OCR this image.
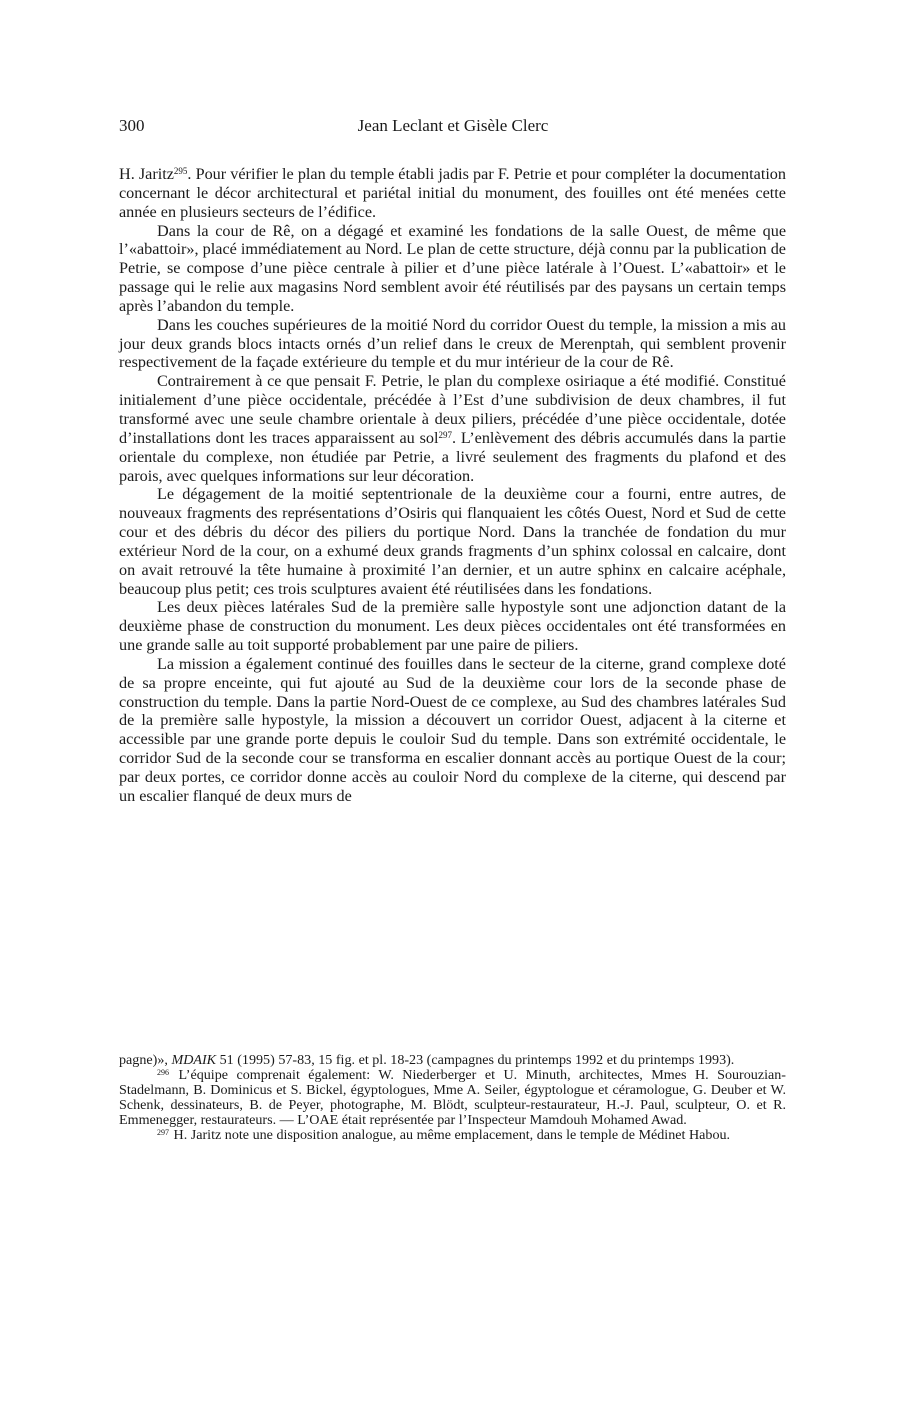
300	Jean Leclant et Gisèle Clerc

H. Jaritz$^{295}$. Pour vérifier le plan du temple établi jadis par F. Petrie et pour compléter la documentation concernant le décor architectural et pariétal initial du monument, des fouilles ont été menées cette année en plusieurs secteurs de l’édifice.

Dans la cour de Rê, on a dégagé et examiné les fondations de la salle Ouest, de même que l’«abattoir», placé immédiatement au Nord. Le plan de cette structure, déjà connu par la publication de Petrie, se compose d’une pièce centrale à pilier et d’une pièce latérale à l’Ouest. L’«abattoir» et le passage qui le relie aux magasins Nord semblent avoir été réutilisés par des paysans un certain temps après l’abandon du temple.

Dans les couches supérieures de la moitié Nord du corridor Ouest du temple, la mission a mis au jour deux grands blocs intacts ornés d’un relief dans le creux de Merenptah, qui semblent provenir respectivement de la façade extérieure du temple et du mur intérieur de la cour de Rê.

Contrairement à ce que pensait F. Petrie, le plan du complexe osiriaque a été modifié. Constitué initialement d’une pièce occidentale, précédée à l’Est d’une subdivision de deux chambres, il fut transformé avec une seule chambre orientale à deux piliers, précédée d’une pièce occidentale, dotée d’installations dont les traces apparaissent au sol$^{297}$. L’enlèvement des débris accumulés dans la partie orientale du complexe, non étudiée par Petrie, a livré seulement des fragments du plafond et des parois, avec quelques informations sur leur décoration.

Le dégagement de la moitié septentrionale de la deuxième cour a fourni, entre autres, de nouveaux fragments des représentations d’Osiris qui flanquaient les côtés Ouest, Nord et Sud de cette cour et des débris du décor des piliers du portique Nord. Dans la tranchée de fondation du mur extérieur Nord de la cour, on a exhumé deux grands fragments d’un sphinx colossal en calcaire, dont on avait retrouvé la tête humaine à proximité l’an dernier, et un autre sphinx en calcaire acéphale, beaucoup plus petit; ces trois sculptures avaient été réutilisées dans les fondations.

Les deux pièces latérales Sud de la première salle hypostyle sont une adjonction datant de la deuxième phase de construction du monument. Les deux pièces occidentales ont été transformées en une grande salle au toit supporté probablement par une paire de piliers.

La mission a également continué des fouilles dans le secteur de la citerne, grand complexe doté de sa propre enceinte, qui fut ajouté au Sud de la deuxième cour lors de la seconde phase de construction du temple. Dans la partie Nord-Ouest de ce complexe, au Sud des chambres latérales Sud de la première salle hypostyle, la mission a découvert un corridor Ouest, adjacent à la citerne et accessible par une grande porte depuis le couloir Sud du temple. Dans son extrémité occidentale, le corridor Sud de la seconde cour se transforma en escalier donnant accès au portique Ouest de la cour; par deux portes, ce corridor donne accès au couloir Nord du complexe de la citerne, qui descend par un escalier flanqué de deux murs de

pagne)», MDAIK 51 (1995) 57-83, 15 fig. et pl. 18-23 (campagnes du printemps 1992 et du printemps 1993).

$^{296}$ L’équipe comprenait également: W. Niederberger et U. Minuth, architectes, Mmes H. Sourouzian-Stadelmann, B. Dominicus et S. Bickel, égyptologues, Mme A. Seiler, égyptologue et céramologue, G. Deuber et W. Schenk, dessinateurs, B. de Peyer, photographe, M. Blödt, sculpteur-restaurateur, H.-J. Paul, sculpteur, O. et R. Emmenegger, restaurateurs. — L’OAE était représentée par l’Inspecteur Mamdouh Mohamed Awad.

$^{297}$ H. Jaritz note une disposition analogue, au même emplacement, dans le temple de Médinet Habou.
